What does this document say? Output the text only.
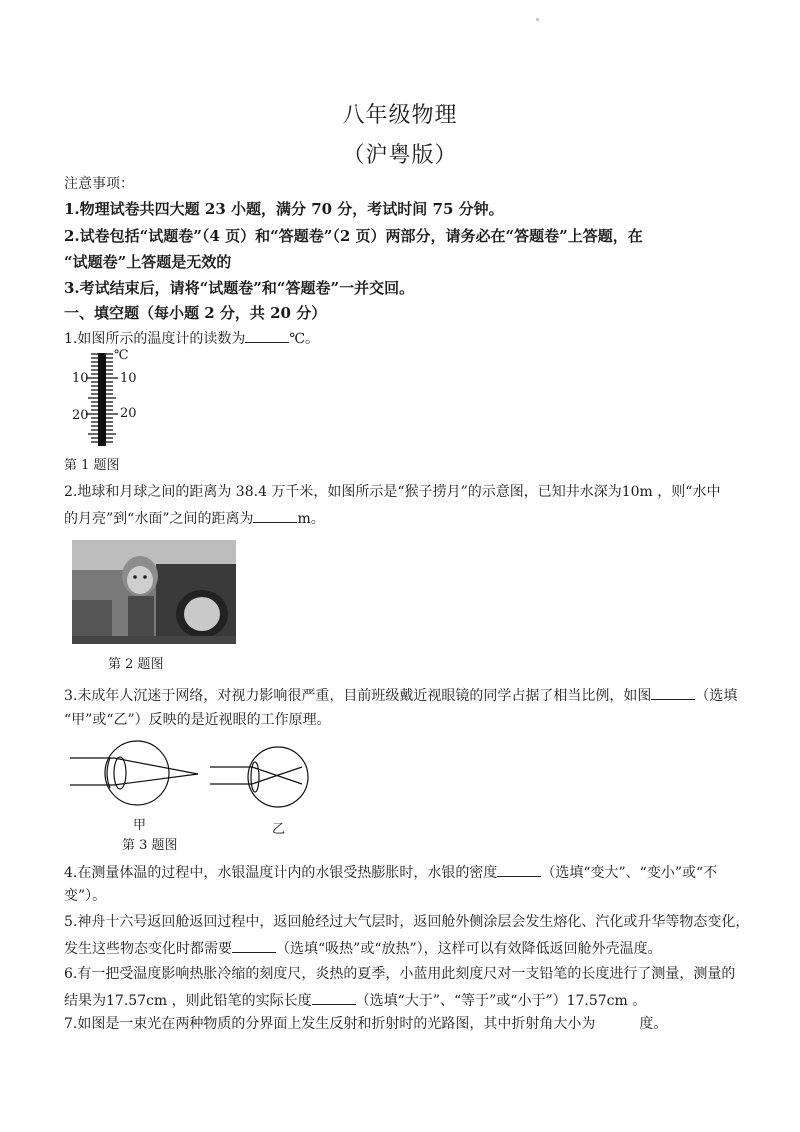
八年级物理
（沪粤版）
注意事项：
1.物理试卷共四大题 23 小题，满分 70 分，考试时间 75 分钟。
2.试卷包括“试题卷”（4 页）和“答题卷”（2 页）两部分，请务必在“答题卷”上答题，在
“试题卷”上答题是无效的
3.考试结束后，请将“试题卷”和“答题卷”一并交回。
一、填空题（每小题 2 分，共 20 分）
1.如图所示的温度计的读数为	℃。
℃
10 10
20 20
第 1 题图
2.地球和月球之间的距离为 38.4 万千米，如图所示是“猴子捞月”的示意图，已知井水深为10m ，则“水中
的月亮”到“水面”之间的距离为	m。
第 2 题图
3.未成年人沉迷于网络，对视力影响很严重，目前班级戴近视眼镜的同学占据了相当比例，如图	（选填
“甲”或“乙”）反映的是近视眼的工作原理。
甲	乙
第 3 题图
4.在测量体温的过程中，水银温度计内的水银受热膨胀时，水银的密度	（选填“变大”、“变小”或“不
变”）。
5.神舟十六号返回舱返回过程中，返回舱经过大气层时，返回舱外侧涂层会发生熔化、汽化或升华等物态变化，
发生这些物态变化时都需要	（选填“吸热”或“放热”），这样可以有效降低返回舱外壳温度。
6.有一把受温度影响热胀冷缩的刻度尺，炎热的夏季，小蓝用此刻度尺对一支铅笔的长度进行了测量，测量的
结果为17.57cm ，则此铅笔的实际长度	（选填“大于”、“等于”或“小于”）17.57cm 。
7.如图是一束光在两种物质的分界面上发生反射和折射时的光路图，其中折射角大小为	度。
